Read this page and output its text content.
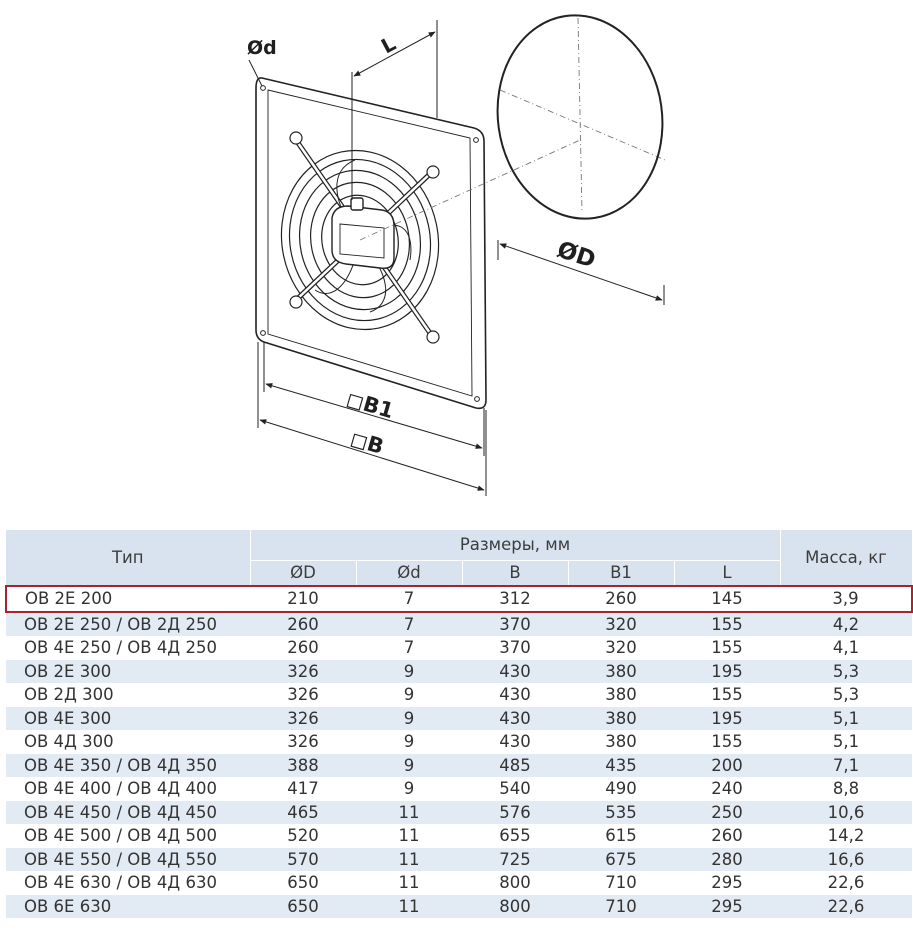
Ød	L
ØD
◻B1
◻B
Тип	Размеры, мм					Масса, кг
	ØD	Ød	B	B1	L	
ОВ 2Е 200	210	7	312	260	145	3,9
ОВ 2Е 250 / ОВ 2Д 250	260	7	370	320	155	4,2
ОВ 4Е 250 / ОВ 4Д 250	260	7	370	320	155	4,1
ОВ 2Е 300	326	9	430	380	195	5,3
ОВ 2Д 300	326	9	430	380	155	5,3
ОВ 4Е 300	326	9	430	380	195	5,1
ОВ 4Д 300	326	9	430	380	155	5,1
ОВ 4Е 350 / ОВ 4Д 350	388	9	485	435	200	7,1
ОВ 4Е 400 / ОВ 4Д 400	417	9	540	490	240	8,8
ОВ 4Е 450 / ОВ 4Д 450	465	11	576	535	250	10,6
ОВ 4Е 500 / ОВ 4Д 500	520	11	655	615	260	14,2
ОВ 4Е 550 / ОВ 4Д 550	570	11	725	675	280	16,6
ОВ 4Е 630 / ОВ 4Д 630	650	11	800	710	295	22,6
ОВ 6Е 630	650	11	800	710	295	22,6
